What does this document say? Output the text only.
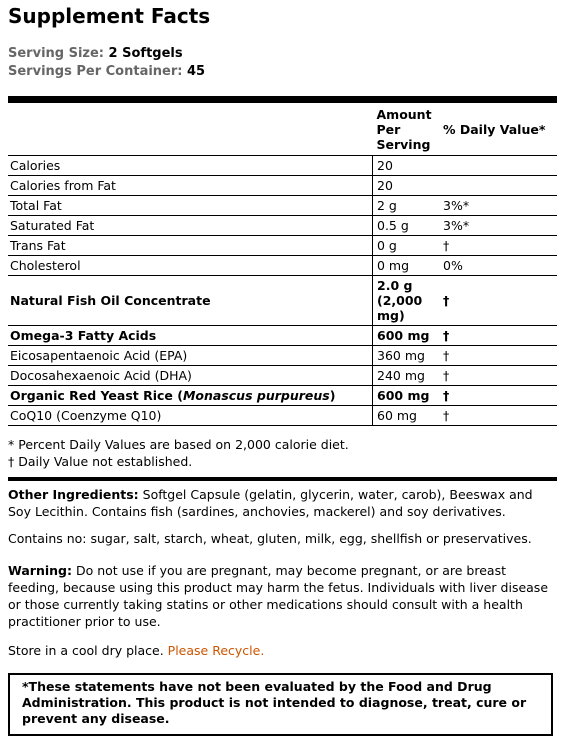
Supplement Facts
Serving Size: 2 Softgels
Servings Per Container: 45
	Amount Per Serving	% Daily Value*
Calories	20	
Calories from Fat	20	
Total Fat	2 g	3%*
Saturated Fat	0.5 g	3%*
Trans Fat	0 g	†
Cholesterol	0 mg	0%
Natural Fish Oil Concentrate	2.0 g (2,000 mg)	†
Omega-3 Fatty Acids	600 mg	†
Eicosapentaenoic Acid (EPA)	360 mg	†
Docosahexaenoic Acid (DHA)	240 mg	†
Organic Red Yeast Rice (Monascus purpureus)	600 mg	†
CoQ10 (Coenzyme Q10)	60 mg	†
* Percent Daily Values are based on 2,000 calorie diet.
† Daily Value not established.
Other Ingredients: Softgel Capsule (gelatin, glycerin, water, carob), Beeswax and Soy Lecithin. Contains fish (sardines, anchovies, mackerel) and soy derivatives.
Contains no: sugar, salt, starch, wheat, gluten, milk, egg, shellfish or preservatives.
Warning: Do not use if you are pregnant, may become pregnant, or are breast feeding, because using this product may harm the fetus. Individuals with liver disease or those currently taking statins or other medications should consult with a health practitioner prior to use.
Store in a cool dry place. Please Recycle.
*These statements have not been evaluated by the Food and Drug Administration. This product is not intended to diagnose, treat, cure or prevent any disease.
